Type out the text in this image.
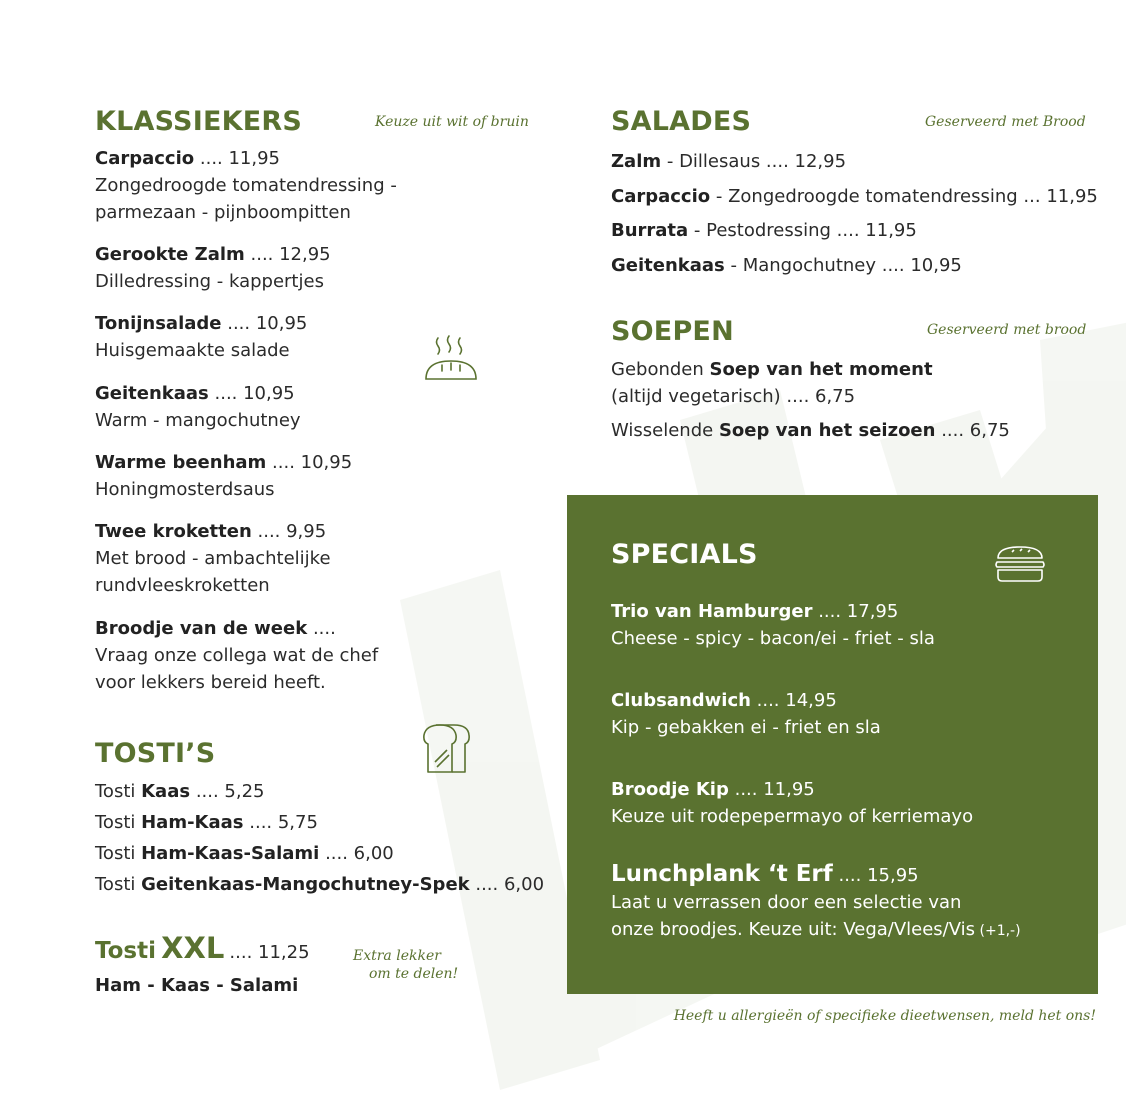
KLASSIEKERS	Keuze uit wit of bruin
Carpaccio .... 11,95
Zongedroogde tomatendressing -
parmezaan - pijnboompitten
Gerookte Zalm .... 12,95
Dilledressing - kappertjes
Tonijnsalade .... 10,95
Huisgemaakte salade
Geitenkaas .... 10,95
Warm - mangochutney
Warme beenham .... 10,95
Honingmosterdsaus
Twee kroketten .... 9,95
Met brood - ambachtelijke
rundvleeskroketten
Broodje van de week ....
Vraag onze collega wat de chef
voor lekkers bereid heeft.
TOSTI’S
Tosti Kaas .... 5,25
Tosti Ham-Kaas .... 5,75
Tosti Ham-Kaas-Salami .... 6,00
Tosti Geitenkaas-Mangochutney-Spek .... 6,00
Tosti XXL .... 11,25
Ham - Kaas - Salami
Extra lekker
om te delen!
SALADES	Geserveerd met Brood
Zalm - Dillesaus .... 12,95
Carpaccio - Zongedroogde tomatendressing ... 11,95
Burrata - Pestodressing .... 11,95
Geitenkaas - Mangochutney .... 10,95
SOEPEN	Geserveerd met brood
Gebonden Soep van het moment
(altijd vegetarisch) .... 6,75
Wisselende Soep van het seizoen .... 6,75
SPECIALS
Trio van Hamburger .... 17,95
Cheese - spicy - bacon/ei - friet - sla
Clubsandwich .... 14,95
Kip - gebakken ei - friet en sla
Broodje Kip .... 11,95
Keuze uit rodepepermayo of kerriemayo
Lunchplank ‘t Erf .... 15,95
Laat u verrassen door een selectie van
onze broodjes. Keuze uit: Vega/Vlees/Vis (+1,-)
Heeft u allergieën of specifieke dieetwensen, meld het ons!
